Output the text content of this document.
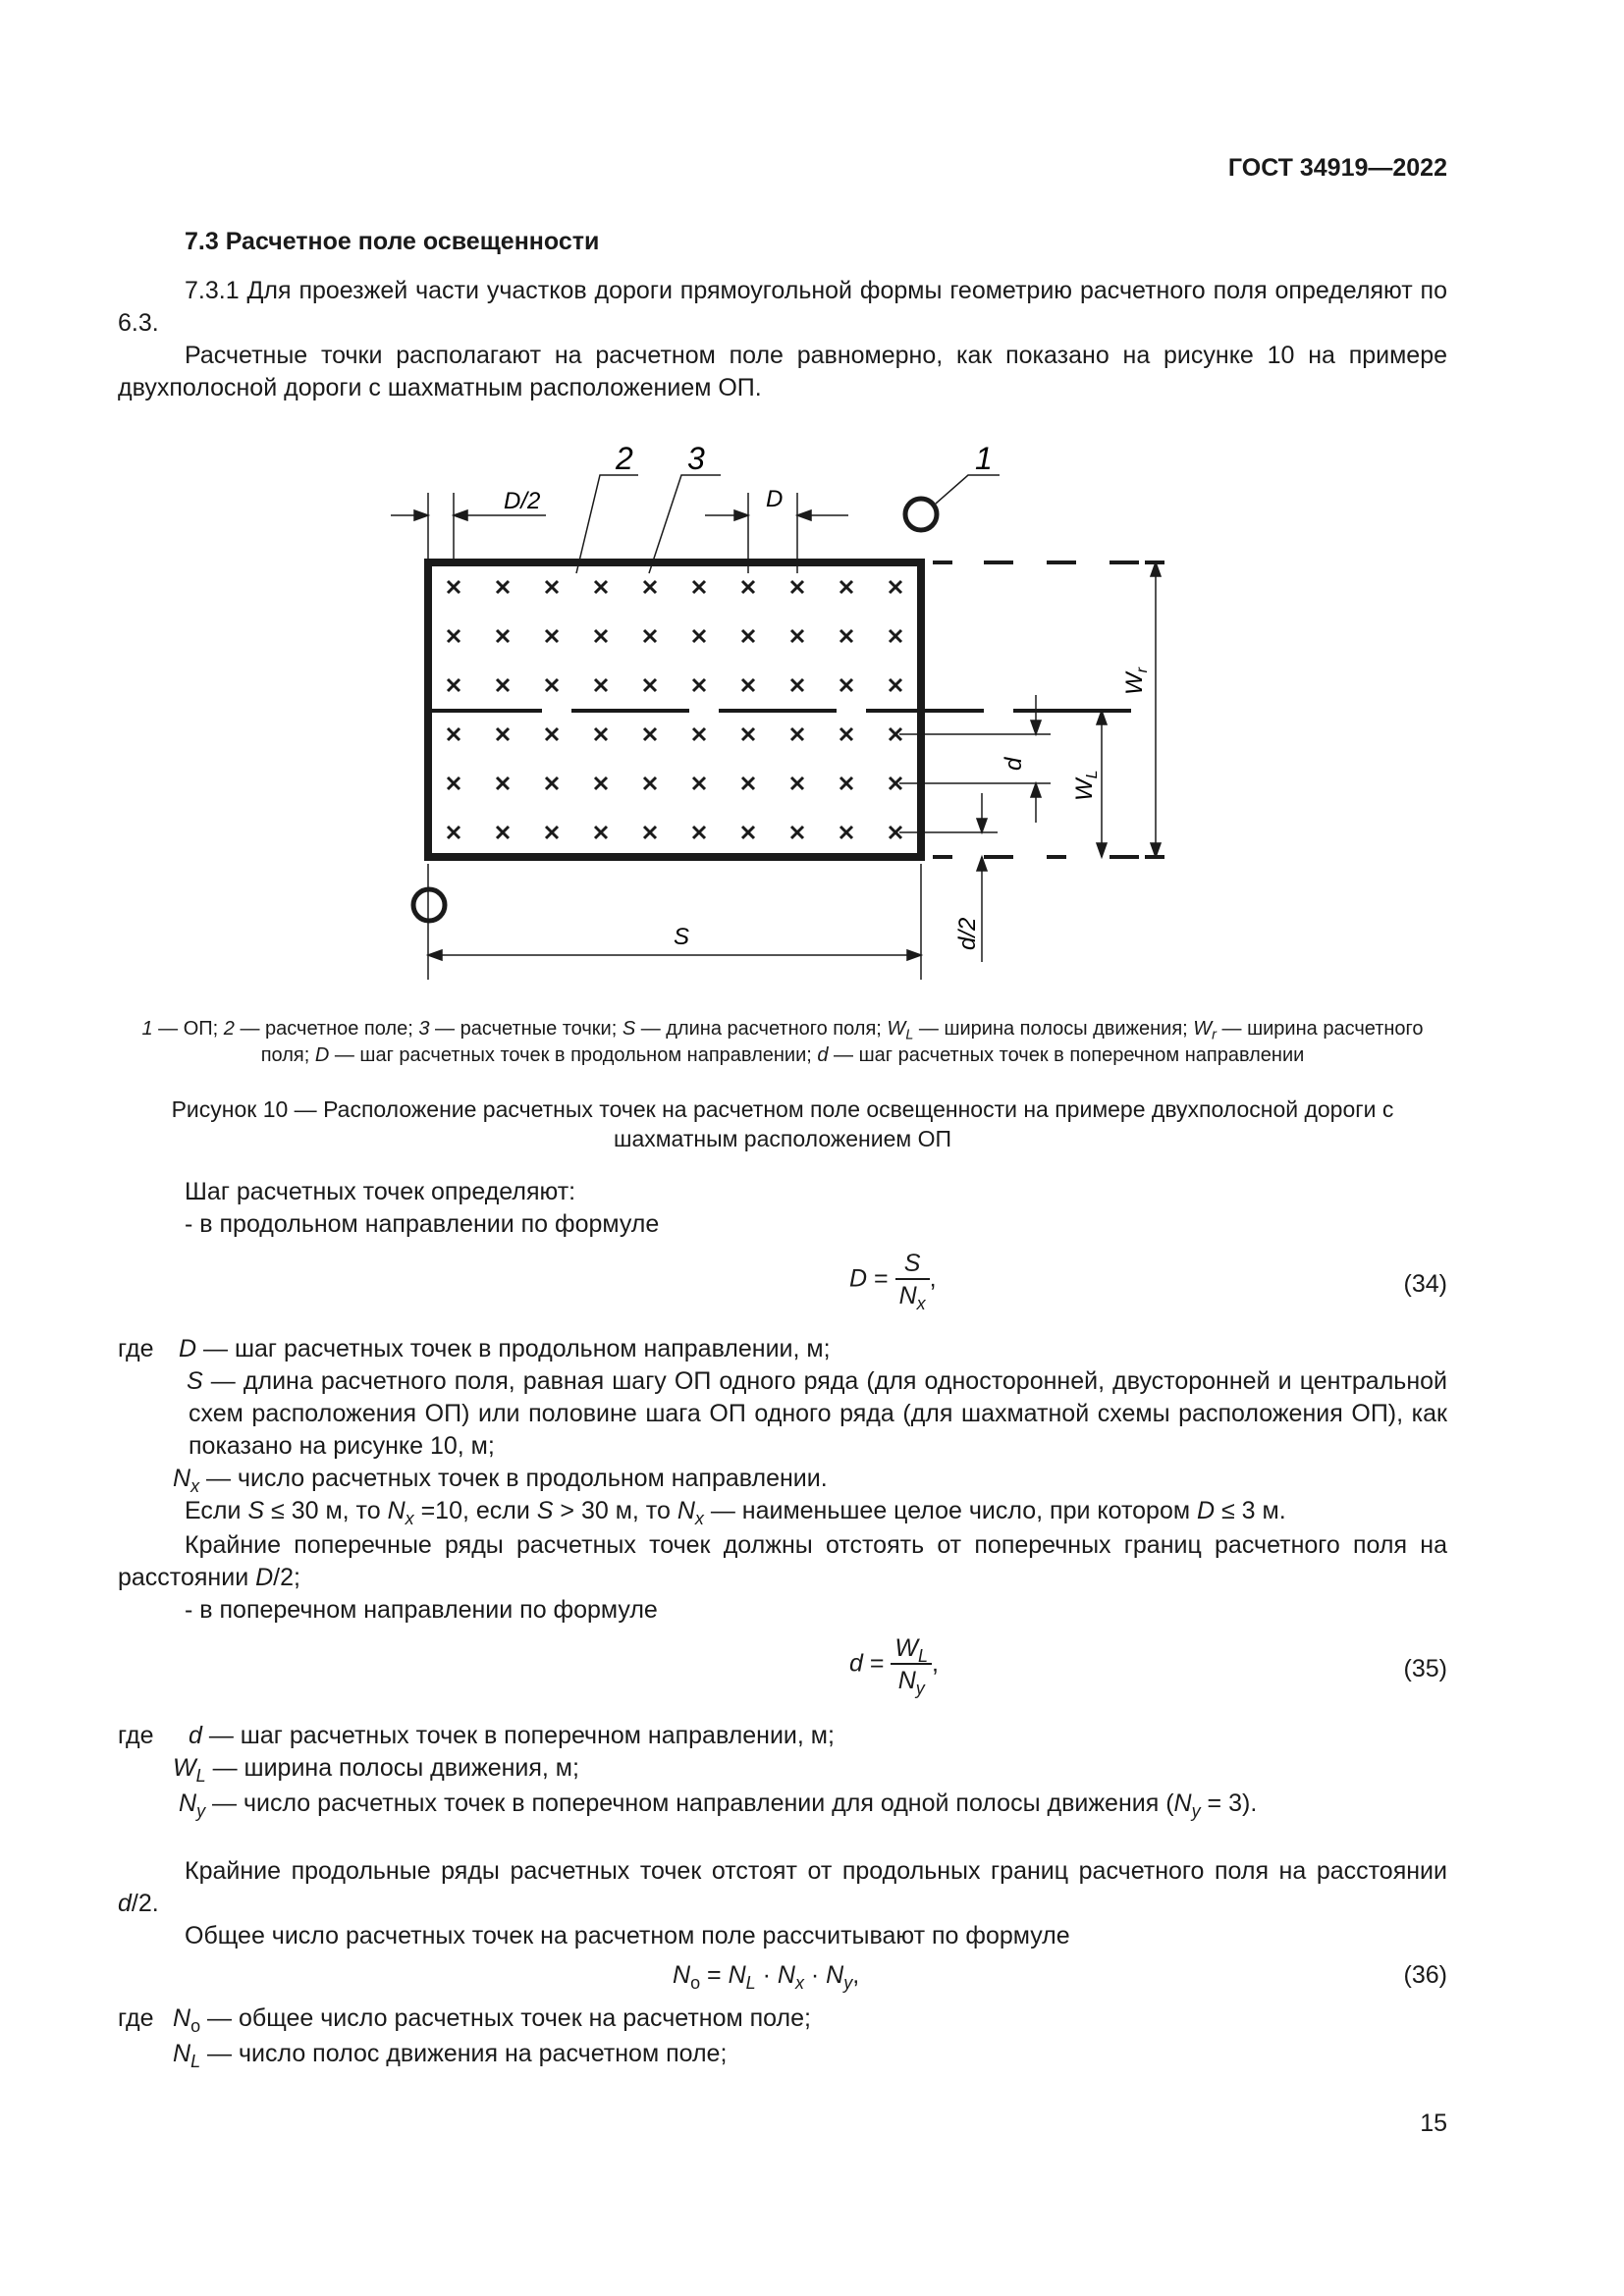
ГОСТ 34919—2022
7.3 Расчетное поле освещенности
7.3.1 Для проезжей части участков дороги прямоугольной формы геометрию расчетного поля определяют по 6.3.
Расчетные точки располагают на расчетном поле равномерно, как показано на рисунке 10 на примере двухполосной дороги с шахматным расположением ОП.
1
2 3
D/2	D
S
d
d/2
$W_L$
$W_r$
1 — ОП; 2 — расчетное поле; 3 — расчетные точки; S — длина расчетного поля; $W_L$ — ширина полосы движения; $W_r$ — ширина расчетного поля; D — шаг расчетных точек в продольном направлении; d — шаг расчетных точек в поперечном направлении
Рисунок 10 — Расположение расчетных точек на расчетном поле освещенности на примере двухполосной дороги с шахматным расположением ОП
Шаг расчетных точек определяют:
- в продольном направлении по формуле
$D = \frac{S}{N_x}$ ,	(34)
где D — шаг расчетных точек в продольном направлении, м;
S — длина расчетного поля, равная шагу ОП одного ряда (для односторонней, двусторонней и центральной схем расположения ОП) или половине шага ОП одного ряда (для шахматной схемы расположения ОП), как показано на рисунке 10, м;
$N_x$ — число расчетных точек в продольном направлении.
Если S ≤ 30 м, то $N_x =10$, если S > 30 м, то $N_x$ — наименьшее целое число, при котором D ≤ 3 м.
Крайние поперечные ряды расчетных точек должны отстоять от поперечных границ расчетного поля на расстоянии D/2;
- в поперечном направлении по формуле
$d = \frac{W_L}{N_y}$ ,	(35)
где d — шаг расчетных точек в поперечном направлении, м;
$W_L$ — ширина полосы движения, м;
$N_y$ — число расчетных точек в поперечном направлении для одной полосы движения $(N_y = 3)$.
Крайние продольные ряды расчетных точек отстоят от продольных границ расчетного поля на расстоянии d/2.
Общее число расчетных точек на расчетном поле рассчитывают по формуле
$N_о = N_L \cdot N_x \cdot N_y$,	(36)
где $N_о$ — общее число расчетных точек на расчетном поле;
$N_L$ — число полос движения на расчетном поле;
15
